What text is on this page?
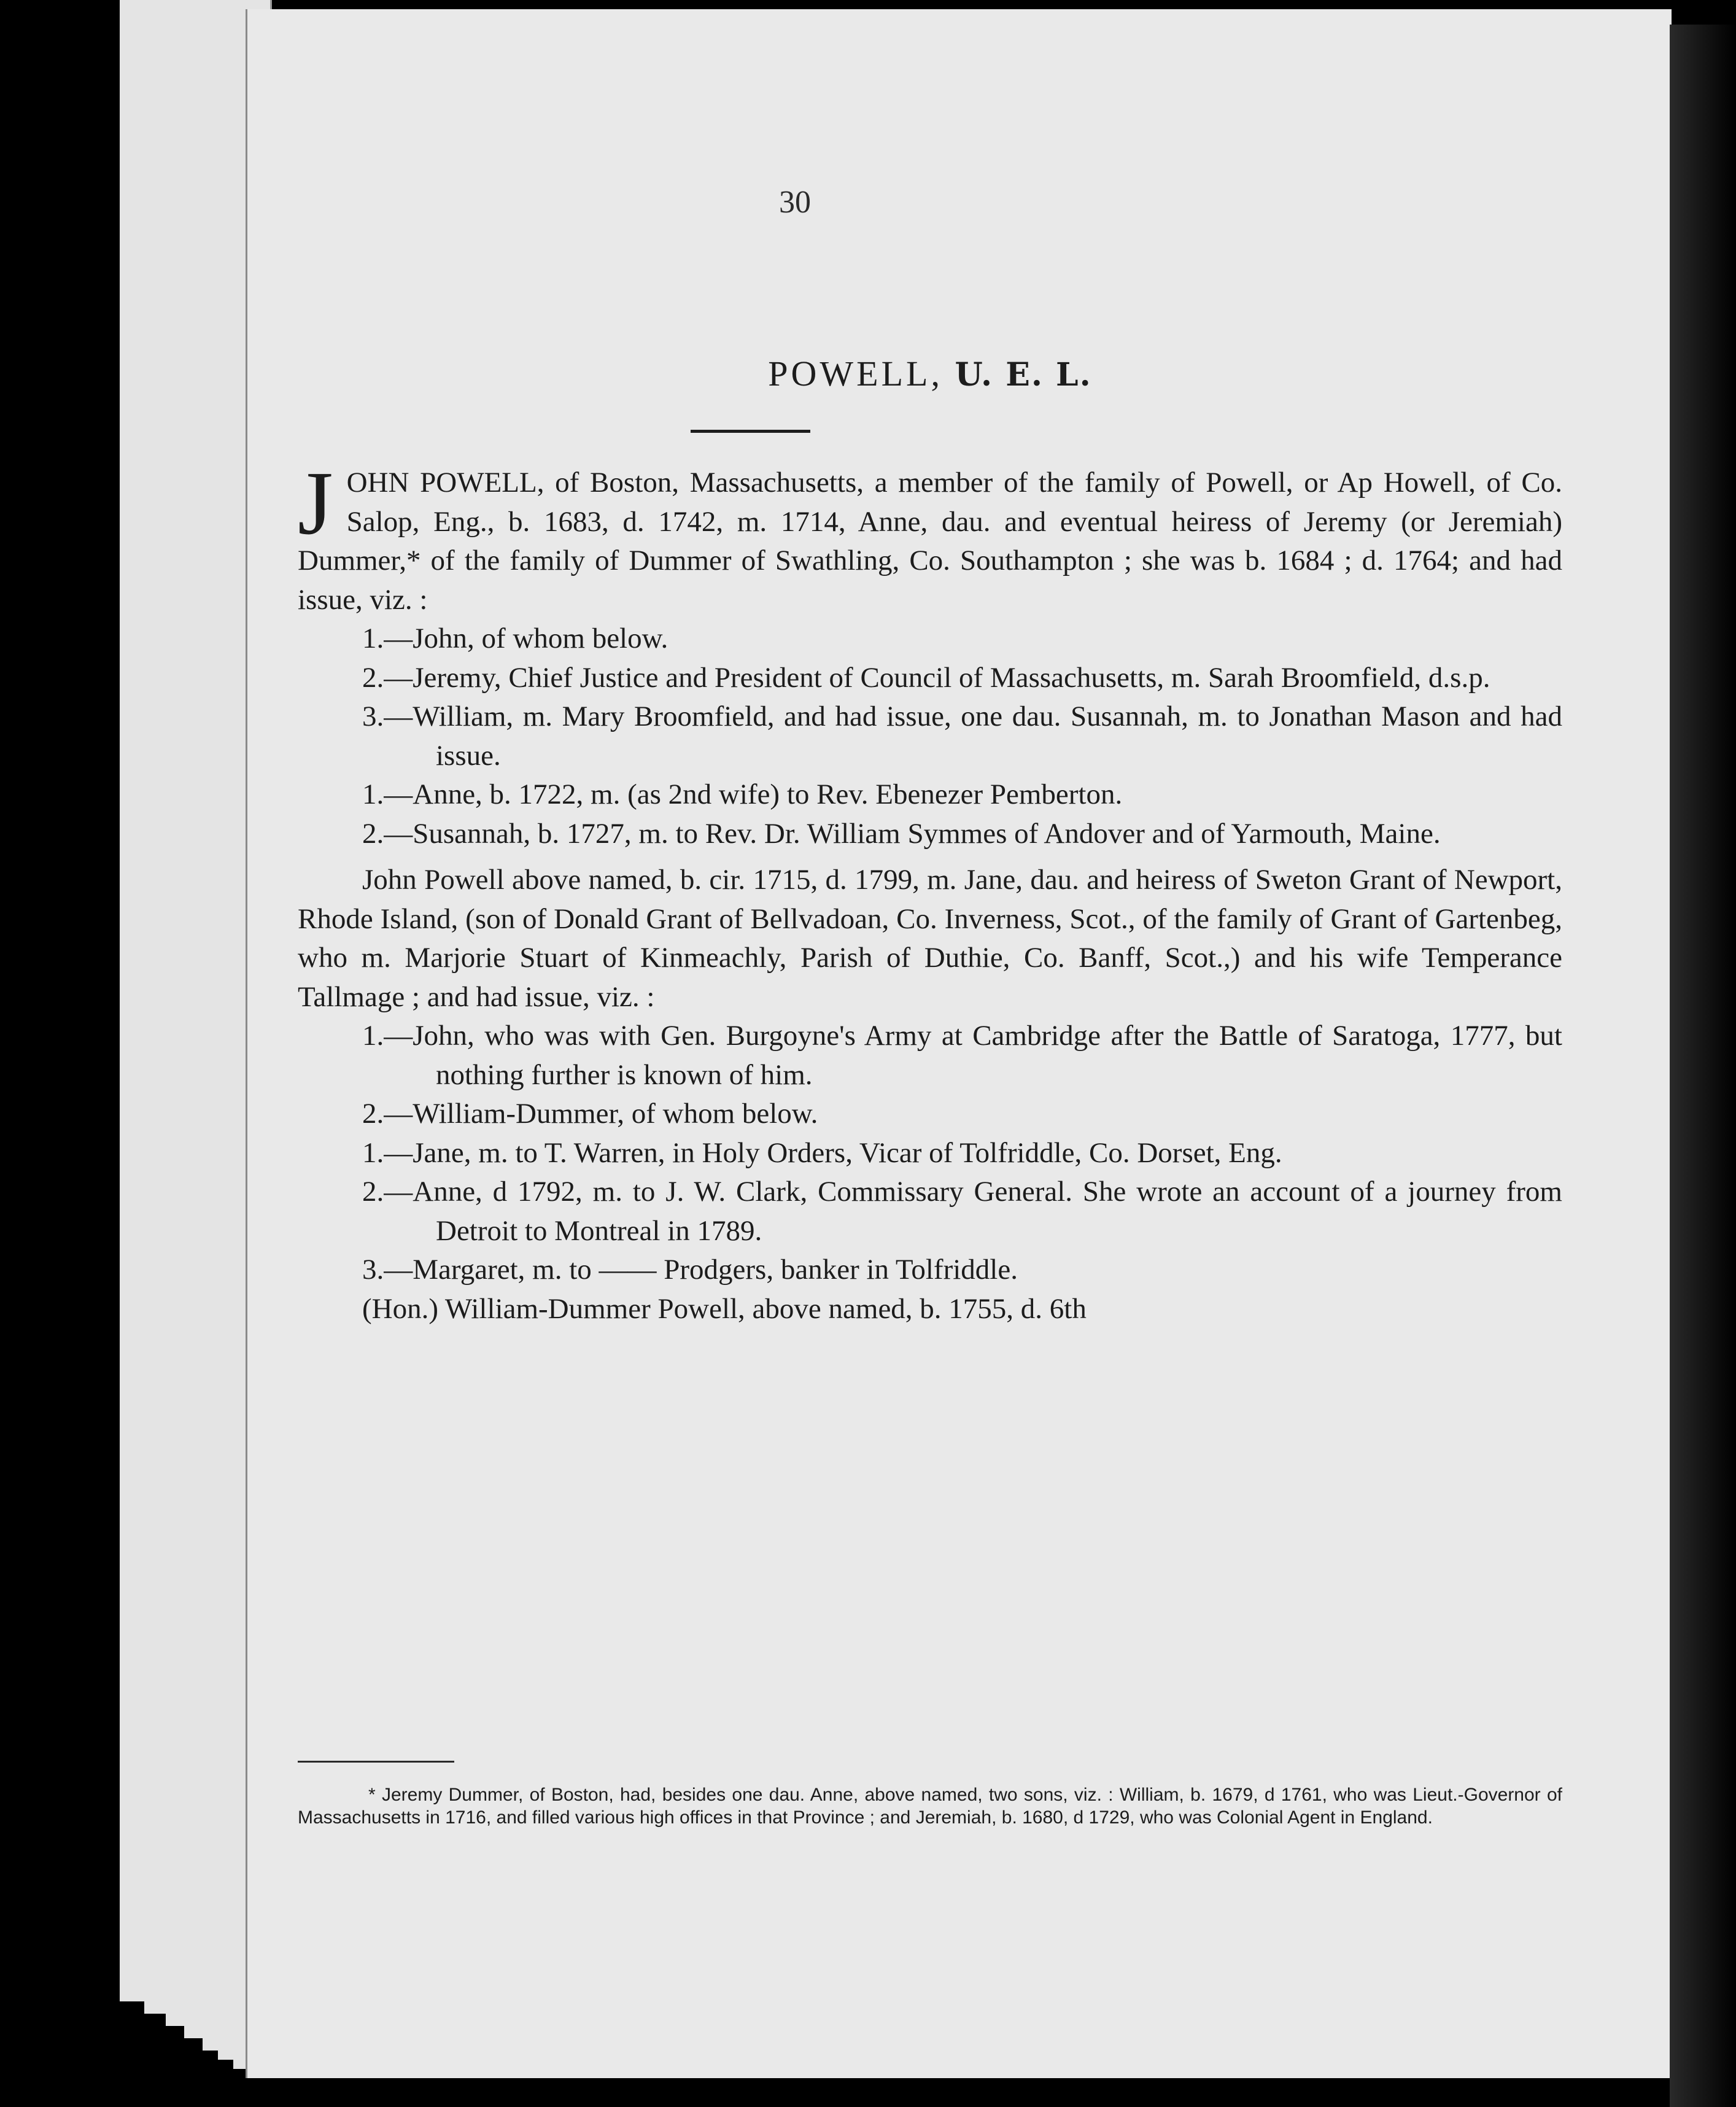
30
POWELL, U. E. L.

JOHN POWELL, of Boston, Massachusetts, a member of the family of Powell, or Ap Howell, of Co. Salop, Eng., b. 1683, d. 1742, m. 1714, Anne, dau. and eventual heiress of Jeremy (or Jeremiah) Dummer,* of the family of Dummer of Swathling, Co. Southampton ; she was b. 1684 ; d. 1764; and had issue, viz. :

1.—John, of whom below.

2.—Jeremy, Chief Justice and President of Council of Massachusetts, m. Sarah Broomfield, d.s.p.

3.—William, m. Mary Broomfield, and had issue, one dau. Susannah, m. to Jonathan Mason and had issue.

1.—Anne, b. 1722, m. (as 2nd wife) to Rev. Ebenezer Pemberton.

2.—Susannah, b. 1727, m. to Rev. Dr. William Symmes of Andover and of Yarmouth, Maine.

John Powell above named, b. cir. 1715, d. 1799, m. Jane, dau. and heiress of Sweton Grant of Newport, Rhode Island, (son of Donald Grant of Bellvadoan, Co. Inverness, Scot., of the family of Grant of Gartenbeg, who m. Marjorie Stuart of Kinmeachly, Parish of Duthie, Co. Banff, Scot.,) and his wife Temperance Tallmage ; and had issue, viz. :

1.—John, who was with Gen. Burgoyne's Army at Cambridge after the Battle of Saratoga, 1777, but nothing further is known of him.

2.—William-Dummer, of whom below.

1.—Jane, m. to T. Warren, in Holy Orders, Vicar of Tolfriddle, Co. Dorset, Eng.

2.—Anne, d 1792, m. to J. W. Clark, Commissary General. She wrote an account of a journey from Detroit to Montreal in 1789.

3.—Margaret, m. to —— Prodgers, banker in Tolfriddle.

(Hon.) William-Dummer Powell, above named, b. 1755, d. 6th

* Jeremy Dummer, of Boston, had, besides one dau. Anne, above named, two sons, viz. : William, b. 1679, d 1761, who was Lieut.-Governor of Massachusetts in 1716, and filled various high offices in that Province ; and Jeremiah, b. 1680, d 1729, who was Colonial Agent in England.
